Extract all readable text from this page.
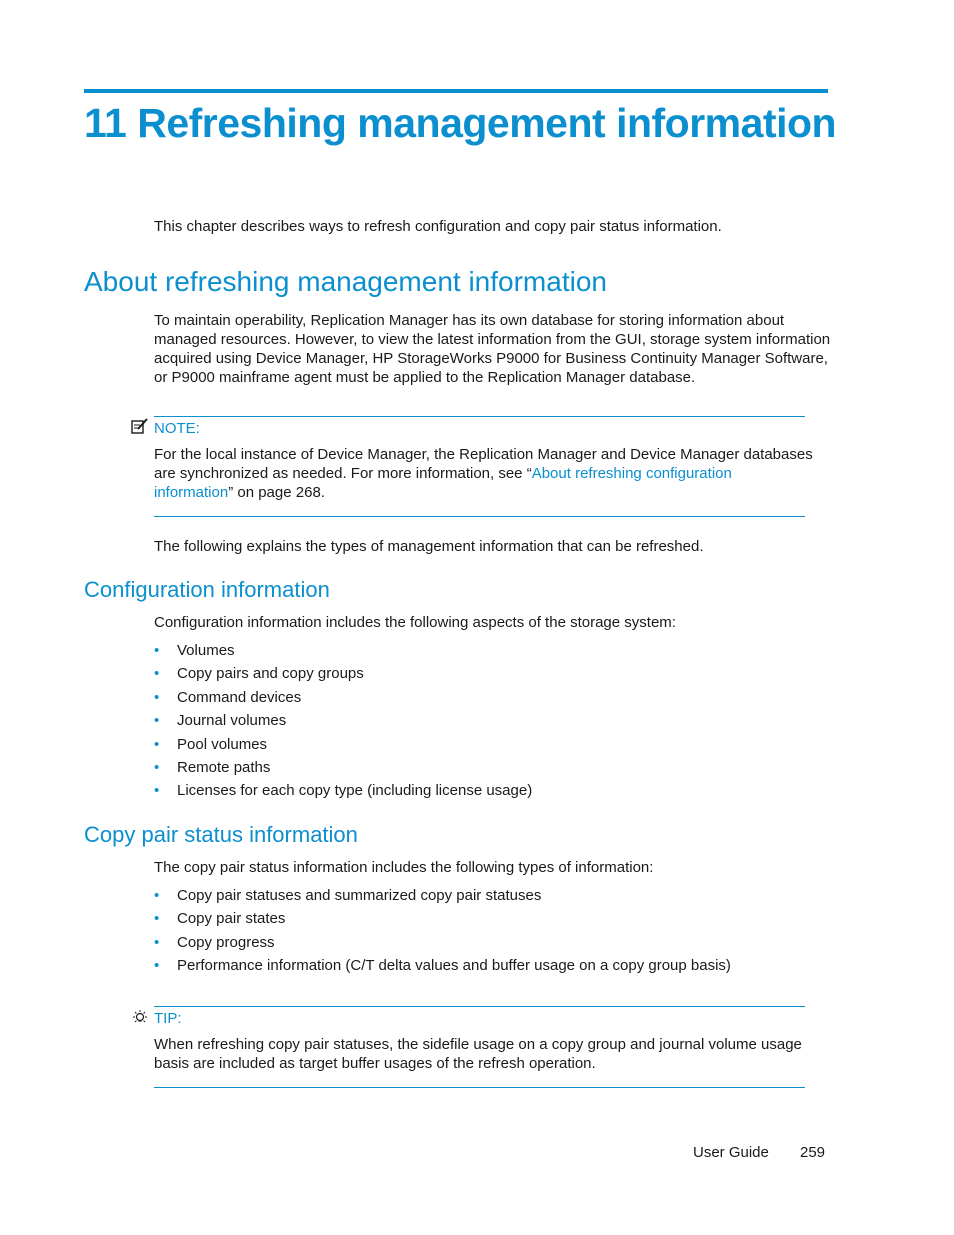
11 Refreshing management information

This chapter describes ways to refresh configuration and copy pair status information.

About refreshing management information
To maintain operability, Replication Manager has its own database for storing information about
managed resources. However, to view the latest information from the GUI, storage system information
acquired using Device Manager, HP StorageWorks P9000 for Business Continuity Manager Software,
or P9000 mainframe agent must be applied to the Replication Manager database.
NOTE:
For the local instance of Device Manager, the Replication Manager and Device Manager databases
are synchronized as needed. For more information, see “About refreshing configuration
information” on page 268.

The following explains the types of management information that can be refreshed.

Configuration information

Configuration information includes the following aspects of the storage system:

• Volumes
• Copy pairs and copy groups
• Command devices
• Journal volumes
• Pool volumes
• Remote paths
• Licenses for each copy type (including license usage)
Copy pair status information

The copy pair status information includes the following types of information:

• Copy pair statuses and summarized copy pair statuses
• Copy pair states
• Copy progress
• Performance information (C/T delta values and buffer usage on a copy group basis)
TIP:
When refreshing copy pair statuses, the sidefile usage on a copy group and journal volume usage
basis are included as target buffer usages of the refresh operation.
User Guide 259
